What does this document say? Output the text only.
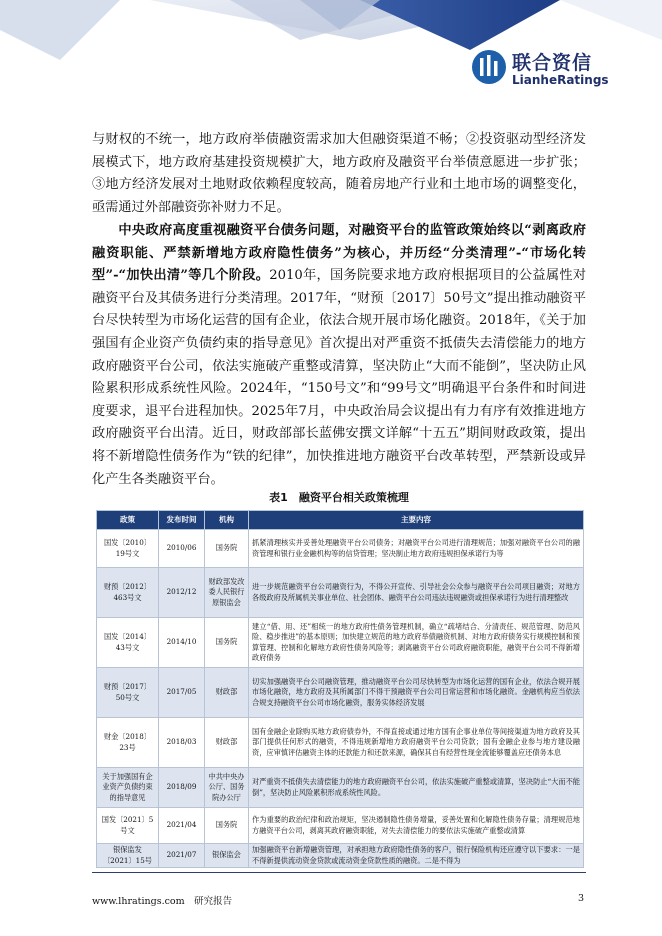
联合资信
LianheRatings

与财权的不统一，地方政府举债融资需求加大但融资渠道不畅；②投资驱动型经济发展模式下，地方政府基建投资规模扩大，地方政府及融资平台举债意愿进一步扩张；③地方经济发展对土地财政依赖程度较高，随着房地产行业和土地市场的调整变化，亟需通过外部融资弥补财力不足。

中央政府高度重视融资平台债务问题，对融资平台的监管政策始终以“剥离政府融资职能、严禁新增地方政府隐性债务”为核心，并历经“分类清理”-“市场化转型”-“加快出清”等几个阶段。2010年，国务院要求地方政府根据项目的公益属性对融资平台及其债务进行分类清理。2017年，“财预〔2017〕50号文”提出推动融资平台尽快转型为市场化运营的国有企业，依法合规开展市场化融资。2018年，《关于加强国有企业资产负债约束的指导意见》首次提出对严重资不抵债失去清偿能力的地方政府融资平台公司，依法实施破产重整或清算，坚决防止“大而不能倒”，坚决防止风险累积形成系统性风险。2024年，“150号文”和“99号文”明确退平台条件和时间进度要求，退平台进程加快。2025年7月，中央政治局会议提出有力有序有效推进地方政府融资平台出清。近日，财政部部长蓝佛安撰文详解“十五五”期间财政政策，提出将不新增隐性债务作为“铁的纪律”，加快推进地方融资平台改革转型，严禁新设或异化产生各类融资平台。

表1　融资平台相关政策梳理
政策	发布时间	机构	主要内容
国发〔2010〕19号文	2010/06	国务院	抓紧清理核实并妥善处理融资平台公司债务；对融资平台公司进行清理规范；加强对融资平台公司的融资管理和银行业金融机构等的信贷管理；坚决制止地方政府违规担保承诺行为等
财预〔2012〕463号文	2012/12	财政部发改委人民银行原银监会	进一步规范融资平台公司融资行为，不得公开宣传、引导社会公众参与融资平台公司项目融资；对地方各级政府及所属机关事业单位、社会团体、融资平台公司违法违规融资或担保承诺行为进行清理整改
国发〔2014〕43号文	2014/10	国务院	建立“借、用、还”相统一的地方政府性债务管理机制，确立“疏堵结合、分清责任、规范管理、防范风险、稳步推进”的基本原则；加快建立规范的地方政府举债融资机制、对地方政府债务实行规模控制和预算管理、控制和化解地方政府性债务风险等；剥离融资平台公司政府融资职能，融资平台公司不得新增政府债务
财预〔2017〕50号文	2017/05	财政部	切实加强融资平台公司融资管理，推动融资平台公司尽快转型为市场化运营的国有企业，依法合规开展市场化融资，地方政府及其所属部门不得干预融资平台公司日常运营和市场化融资。金融机构应当依法合规支持融资平台公司市场化融资，服务实体经济发展
财金〔2018〕23号	2018/03	财政部	国有金融企业除购买地方政府债券外，不得直接或通过地方国有企事业单位等间接渠道为地方政府及其部门提供任何形式的融资，不得违规新增地方政府融资平台公司贷款；国有金融企业参与地方建设融资，应审慎评估融资主体的还款能力和还款来源，确保其自有经营性现金流能够覆盖应还债务本息
关于加强国有企业资产负债约束的指导意见	2018/09	中共中央办公厅、国务院办公厅	对严重资不抵债失去清偿能力的地方政府融资平台公司，依法实施破产重整或清算，坚决防止“大而不能倒”，坚决防止风险累积形成系统性风险。
国发〔2021〕5号文	2021/04	国务院	作为重要的政治纪律和政治规矩，坚决遏制隐性债务增量，妥善处置和化解隐性债务存量；清理规范地方融资平台公司，剥离其政府融资职能，对失去清偿能力的要依法实施破产重整或清算
银保监发〔2021〕15号	2021/07	银保监会	加强融资平台新增融资管理，对承担地方政府隐性债务的客户，银行保险机构还应遵守以下要求：一是不得新提供流动资金贷款或流动资金贷款性质的融资。二是不得为
www.lhratings.com　研究报告	3
